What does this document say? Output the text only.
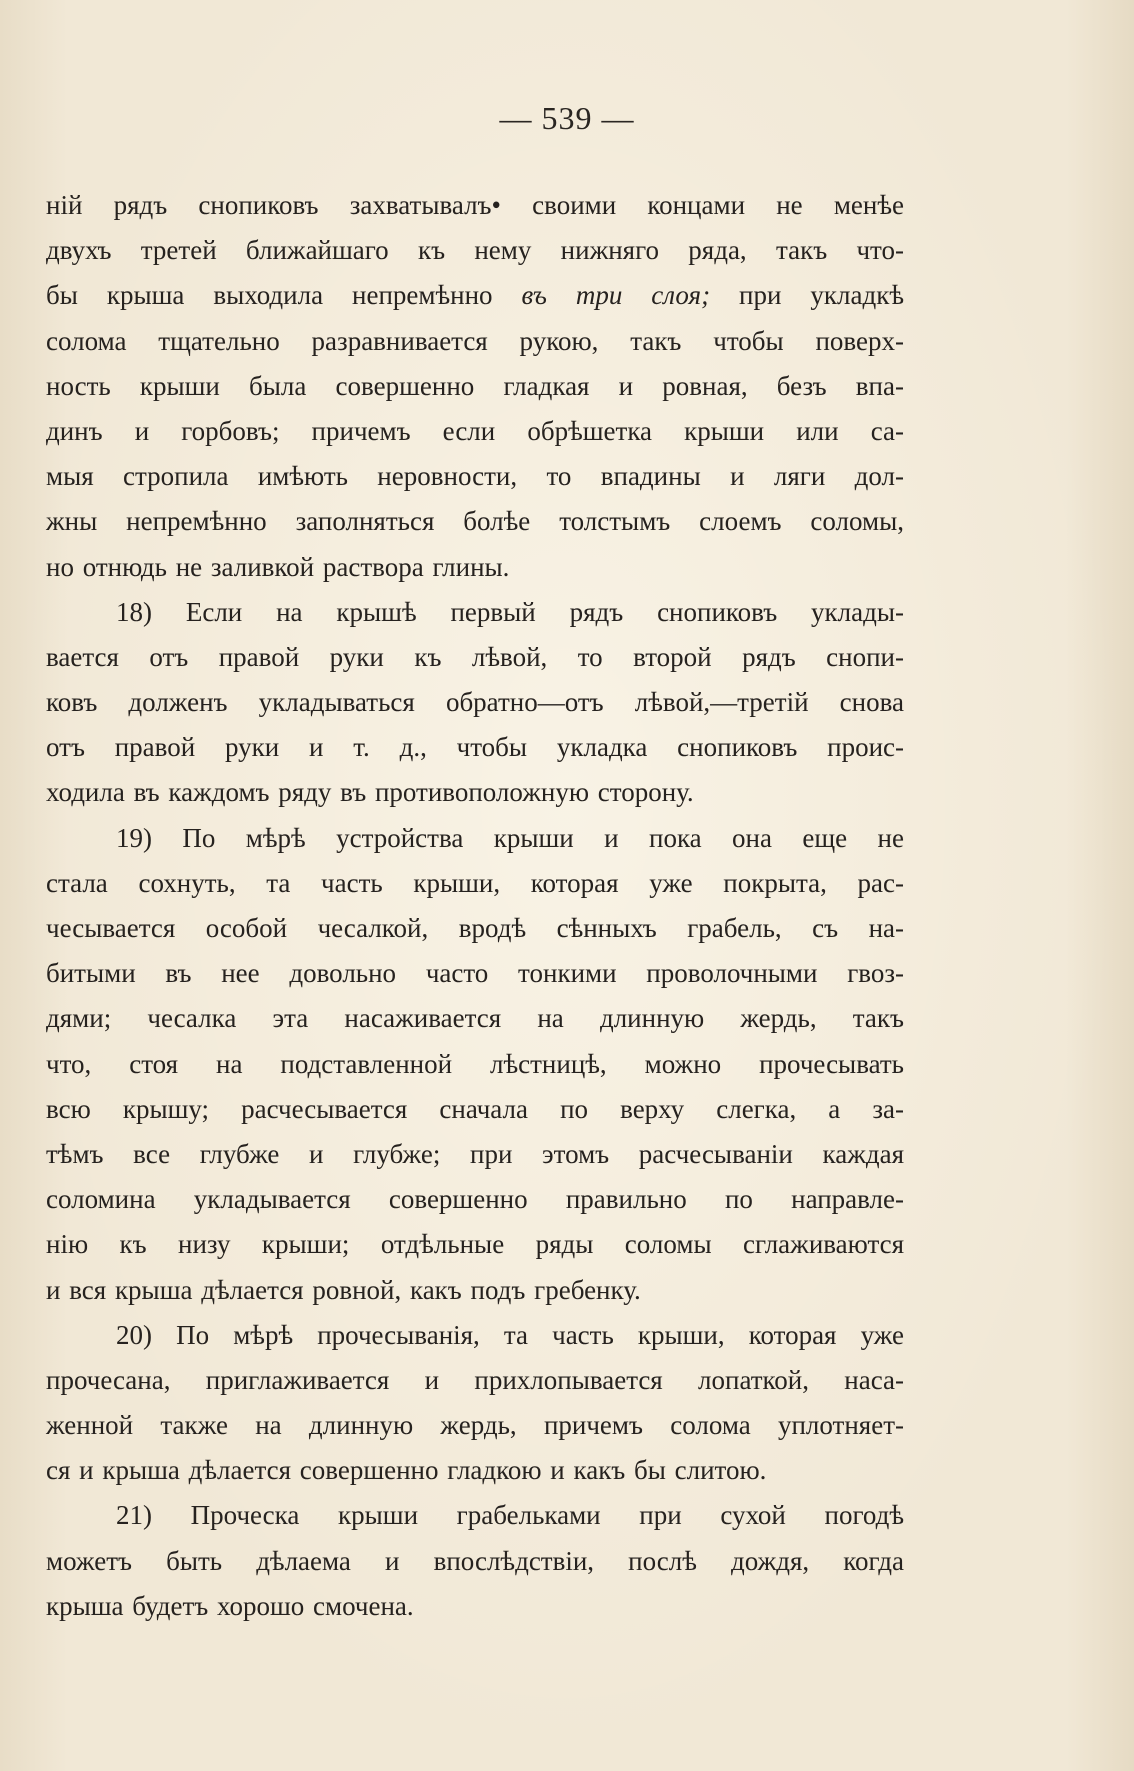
— 539 —
ній рядъ снопиковъ захватывалъ• своими концами не менѣе
двухъ третей ближайшаго къ нему нижняго ряда, такъ что-
бы крыша выходила непремѣнно въ три слоя; при укладкѣ
солома тщательно разравнивается рукою, такъ чтобы поверх-
ность крыши была совершенно гладкая и ровная, безъ впа-
динъ и горбовъ; причемъ если обрѣшетка крыши или са-
мыя стропила имѣють неровности, то впадины и ляги дол-
жны непремѣнно заполняться болѣе толстымъ слоемъ соломы,
но отнюдь не заливкой раствора глины.
18) Если на крышѣ первый рядъ снопиковъ уклады-
вается отъ правой руки къ лѣвой, то второй рядъ снопи-
ковъ долженъ укладываться обратно—отъ лѣвой,—третій снова
отъ правой руки и т. д., чтобы укладка снопиковъ проис-
ходила въ каждомъ ряду въ противоположную сторону.
19) По мѣрѣ устройства крыши и пока она еще не
стала сохнуть, та часть крыши, которая уже покрыта, рас-
чесывается особой чесалкой, вродѣ сѣнныхъ грабель, съ на-
битыми въ нее довольно часто тонкими проволочными гвоз-
дями; чесалка эта насаживается на длинную жердь, такъ
что, стоя на подставленной лѣстницѣ, можно прочесывать
всю крышу; расчесывается сначала по верху слегка, а за-
тѣмъ все глубже и глубже; при этомъ расчесываніи каждая
соломина укладывается совершенно правильно по направле-
нію къ низу крыши; отдѣльные ряды соломы сглаживаются
и вся крыша дѣлается ровной, какъ подъ гребенку.
20) По мѣрѣ прочесыванія, та часть крыши, которая уже
прочесана, приглаживается и прихлопывается лопаткой, наса-
женной также на длинную жердь, причемъ солома уплотняет-
ся и крыша дѣлается совершенно гладкою и какъ бы слитою.
21) Проческа крыши грабельками при сухой погодѣ
можетъ быть дѣлаема и впослѣдствіи, послѣ дождя, когда
крыша будетъ хорошо смочена.
